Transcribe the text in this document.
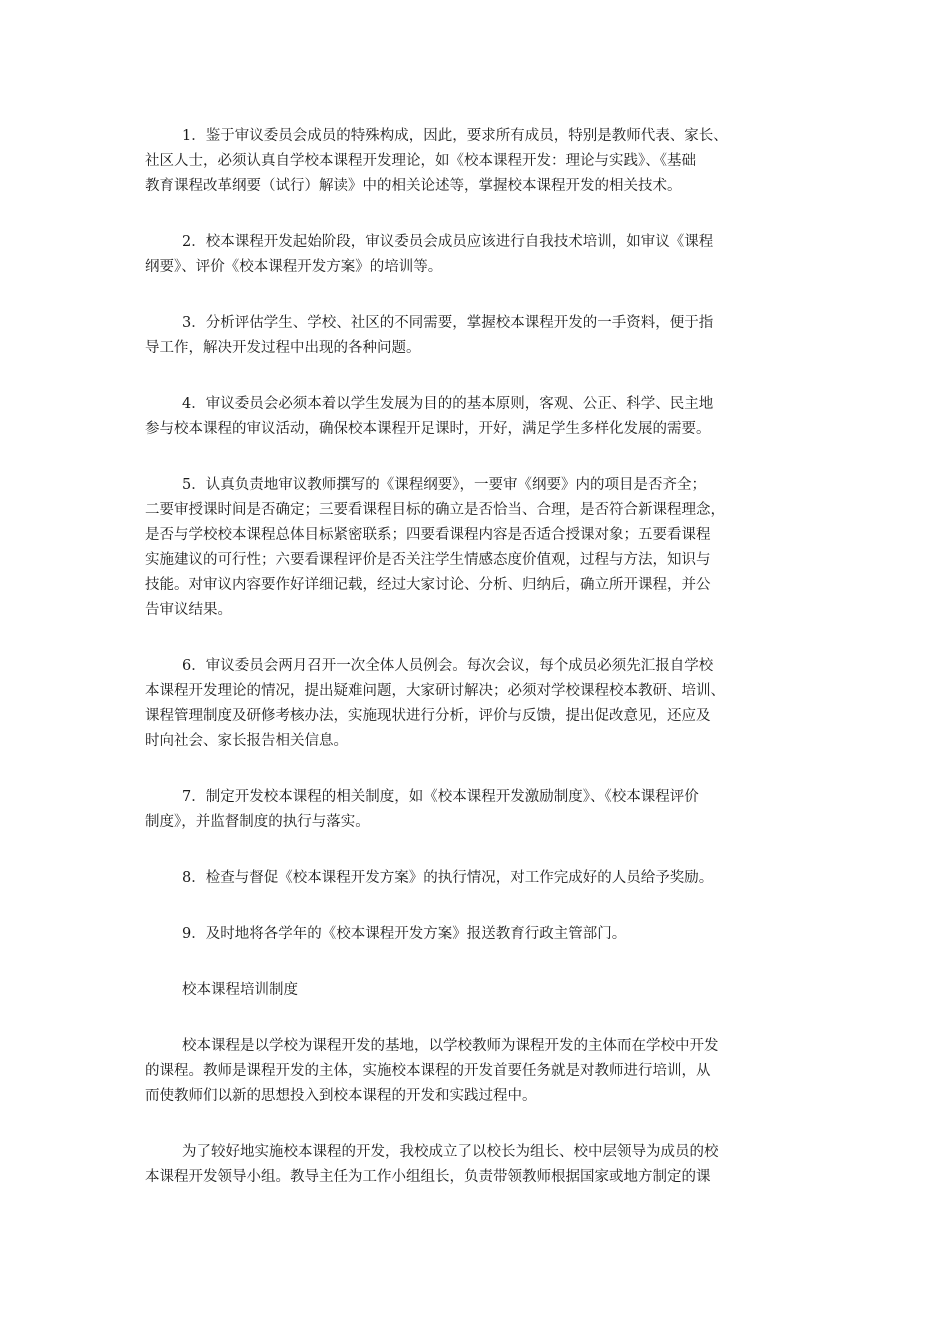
1．鉴于审议委员会成员的特殊构成，因此，要求所有成员，特别是教师代表、家长、
社区人士，必须认真自学校本课程开发理论，如《校本课程开发：理论与实践》、《基础
教育课程改革纲要（试行）解读》中的相关论述等，掌握校本课程开发的相关技术。

2．校本课程开发起始阶段，审议委员会成员应该进行自我技术培训，如审议《课程
纲要》、评价《校本课程开发方案》的培训等。

3．分析评估学生、学校、社区的不同需要，掌握校本课程开发的一手资料，便于指
导工作，解决开发过程中出现的各种问题。

4．审议委员会必须本着以学生发展为目的的基本原则，客观、公正、科学、民主地
参与校本课程的审议活动，确保校本课程开足课时，开好，满足学生多样化发展的需要。

5．认真负责地审议教师撰写的《课程纲要》，一要审《纲要》内的项目是否齐全；
二要审授课时间是否确定；三要看课程目标的确立是否恰当、合理，是否符合新课程理念，
是否与学校校本课程总体目标紧密联系；四要看课程内容是否适合授课对象；五要看课程
实施建议的可行性；六要看课程评价是否关注学生情感态度价值观，过程与方法，知识与
技能。对审议内容要作好详细记载，经过大家讨论、分析、归纳后，确立所开课程，并公
告审议结果。

6．审议委员会两月召开一次全体人员例会。每次会议，每个成员必须先汇报自学校
本课程开发理论的情况，提出疑难问题，大家研讨解决；必须对学校课程校本教研、培训、
课程管理制度及研修考核办法，实施现状进行分析，评价与反馈，提出促改意见，还应及
时向社会、家长报告相关信息。

7．制定开发校本课程的相关制度，如《校本课程开发激励制度》、《校本课程评价
制度》，并监督制度的执行与落实。

8．检查与督促《校本课程开发方案》的执行情况，对工作完成好的人员给予奖励。

9．及时地将各学年的《校本课程开发方案》报送教育行政主管部门。

校本课程培训制度

校本课程是以学校为课程开发的基地，以学校教师为课程开发的主体而在学校中开发
的课程。教师是课程开发的主体，实施校本课程的开发首要任务就是对教师进行培训，从
而使教师们以新的思想投入到校本课程的开发和实践过程中。

为了较好地实施校本课程的开发，我校成立了以校长为组长、校中层领导为成员的校
本课程开发领导小组。教导主任为工作小组组长，负责带领教师根据国家或地方制定的课
